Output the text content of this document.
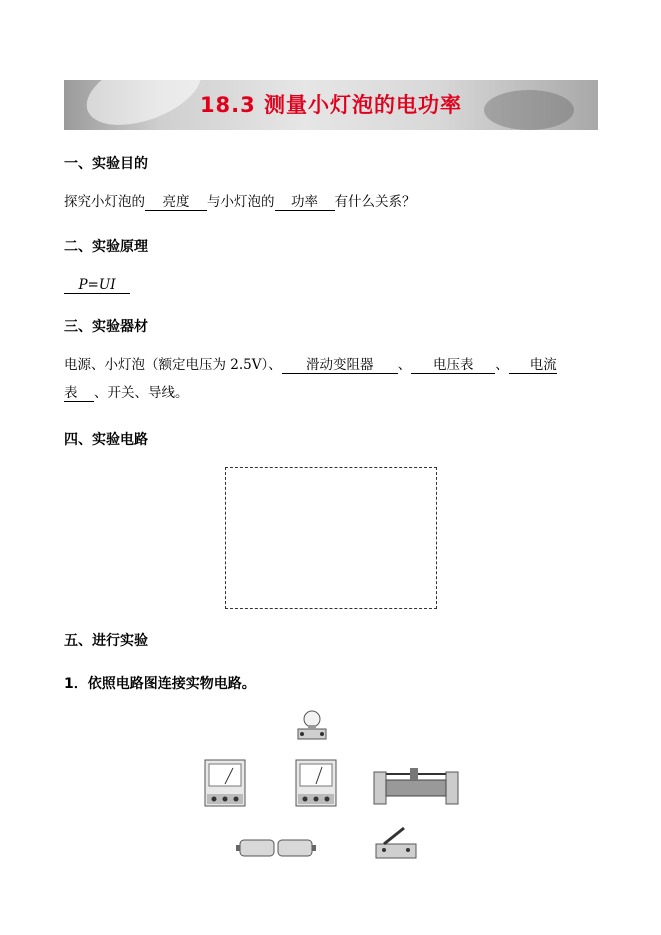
18.3 测量小灯泡的电功率
一、实验目的
探究小灯泡的 亮度 与小灯泡的 功率 有什么关系？
二、实验原理
P=UI
三、实验器材
电源、小灯泡（额定电压为 2.5V）、 滑动变阻器 、 电压表 、 电流
表 、开关、导线。
四、实验电路
五、进行实验
1．依照电路图连接实物电路。
